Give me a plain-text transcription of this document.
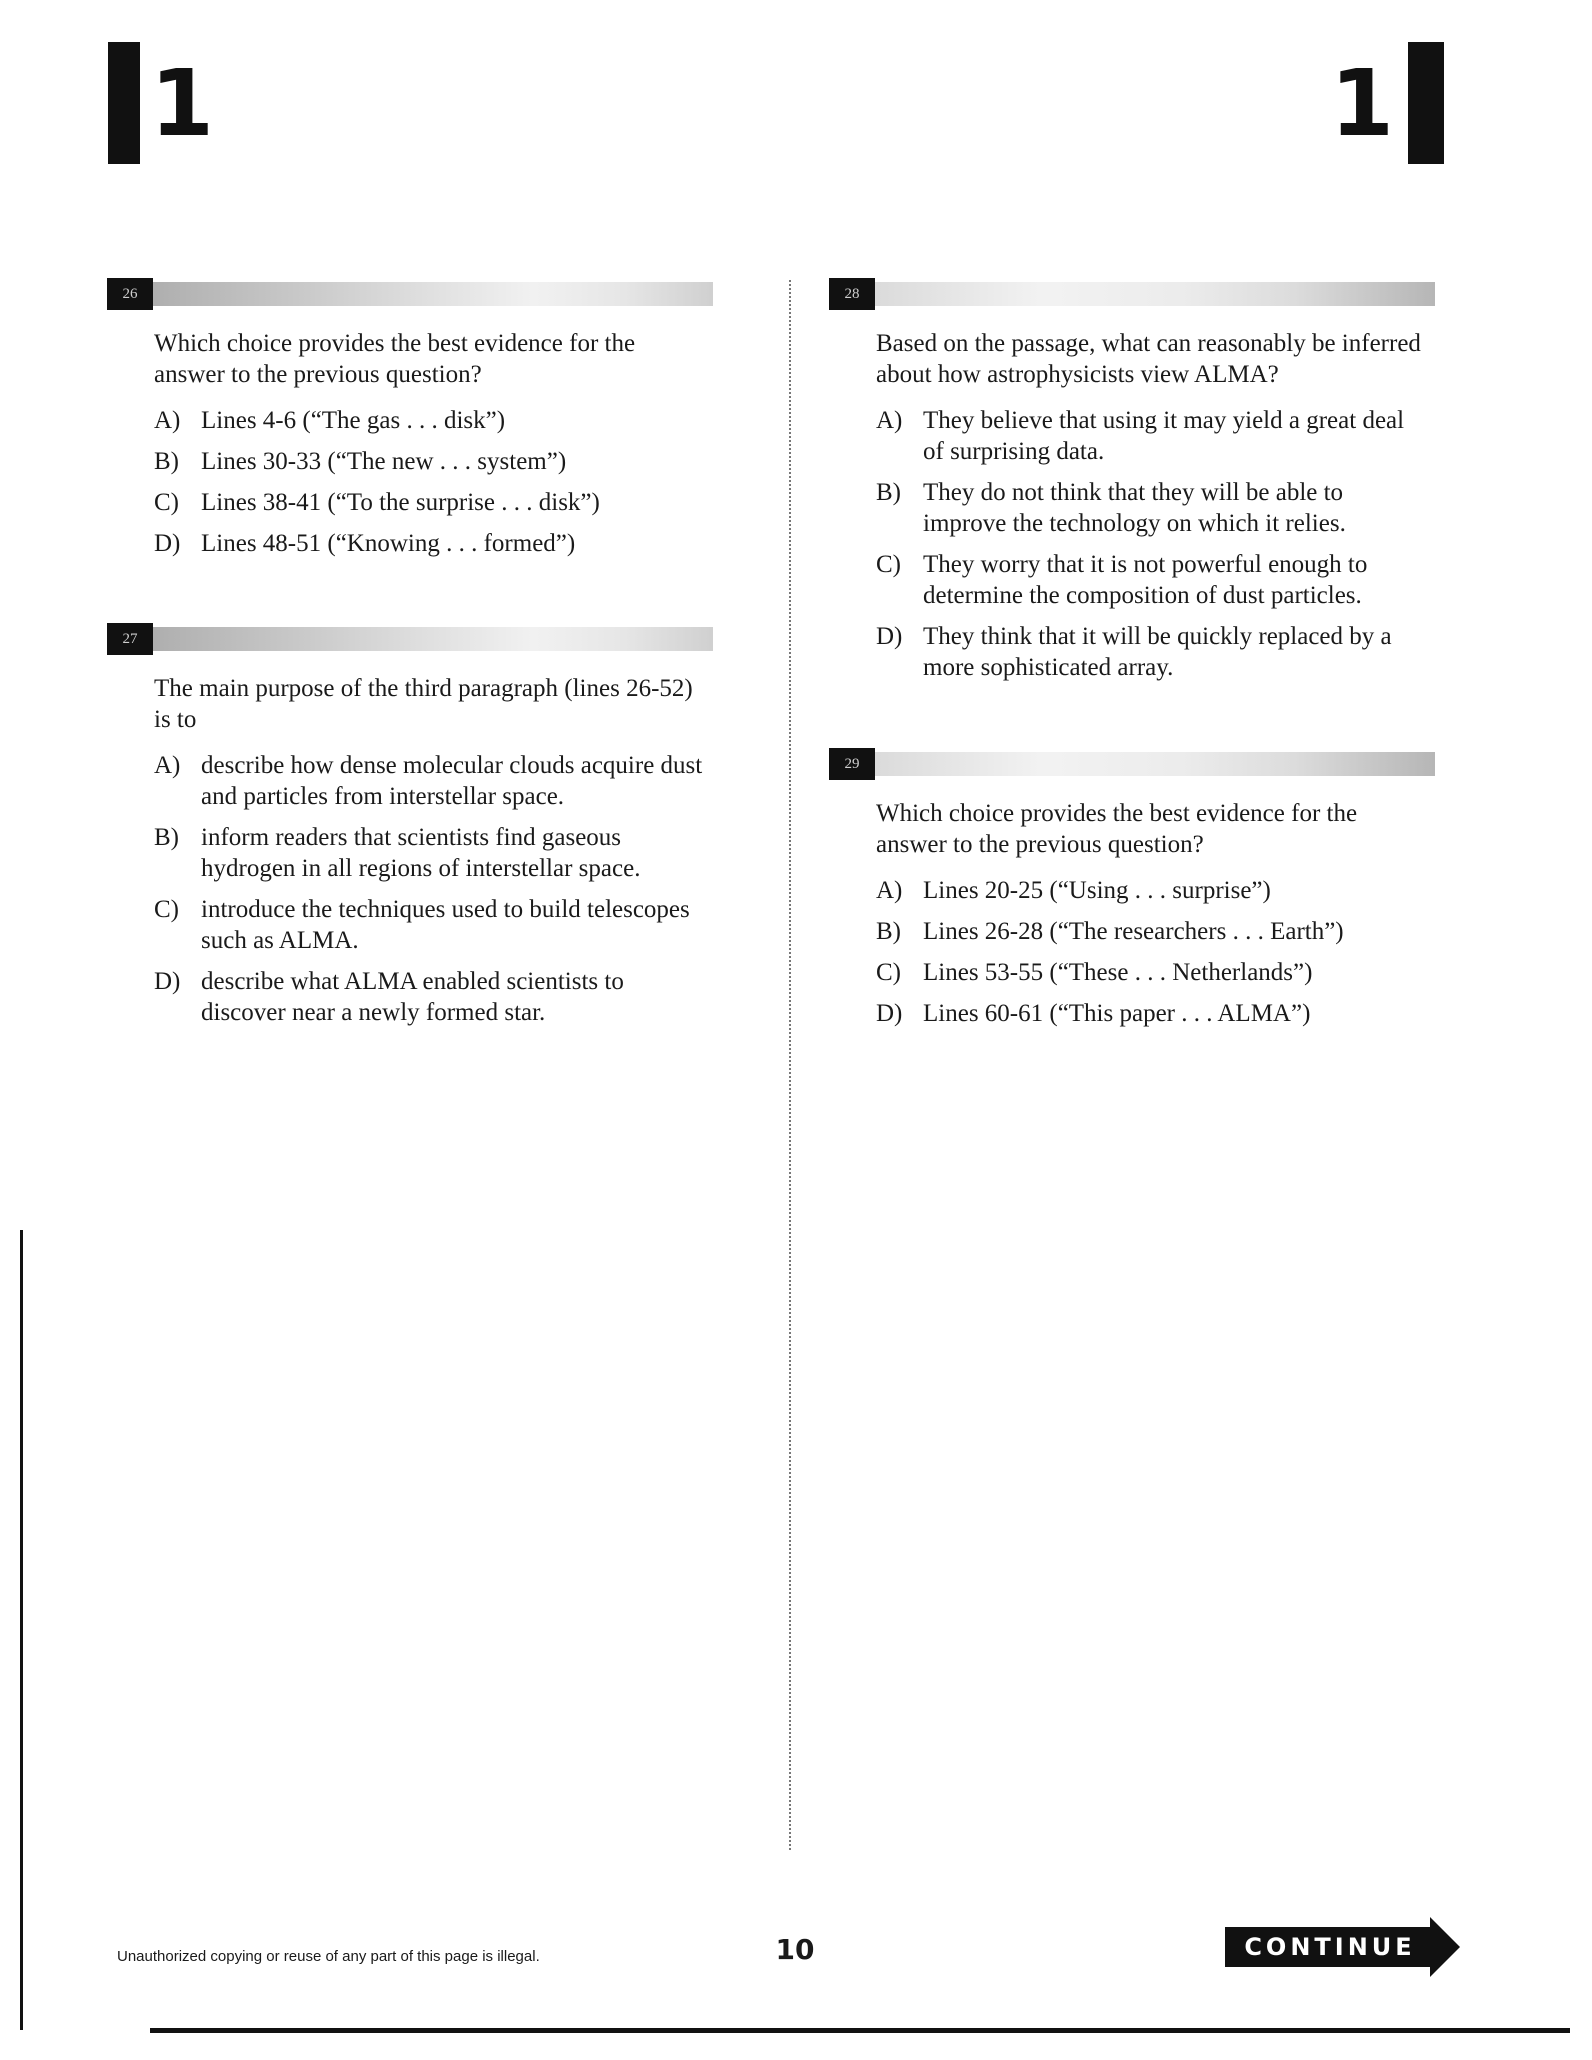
1	1
26
Which choice provides the best evidence for the answer to the previous question?
A) Lines 4-6 (“The gas . . . disk”)
B) Lines 30-33 (“The new . . . system”)
C) Lines 38-41 (“To the surprise . . . disk”)
D) Lines 48-51 (“Knowing . . . formed”)
27
The main purpose of the third paragraph (lines 26-52) is to
A) describe how dense molecular clouds acquire dust and particles from interstellar space.
B) inform readers that scientists find gaseous hydrogen in all regions of interstellar space.
C) introduce the techniques used to build telescopes such as ALMA.
D) describe what ALMA enabled scientists to discover near a newly formed star.
28
Based on the passage, what can reasonably be inferred about how astrophysicists view ALMA?
A) They believe that using it may yield a great deal of surprising data.
B) They do not think that they will be able to improve the technology on which it relies.
C) They worry that it is not powerful enough to determine the composition of dust particles.
D) They think that it will be quickly replaced by a more sophisticated array.
29
Which choice provides the best evidence for the answer to the previous question?
A) Lines 20-25 (“Using . . . surprise”)
B) Lines 26-28 (“The researchers . . . Earth”)
C) Lines 53-55 (“These . . . Netherlands”)
D) Lines 60-61 (“This paper . . . ALMA”)
Unauthorized copying or reuse of any part of this page is illegal.	10	CONTINUE
